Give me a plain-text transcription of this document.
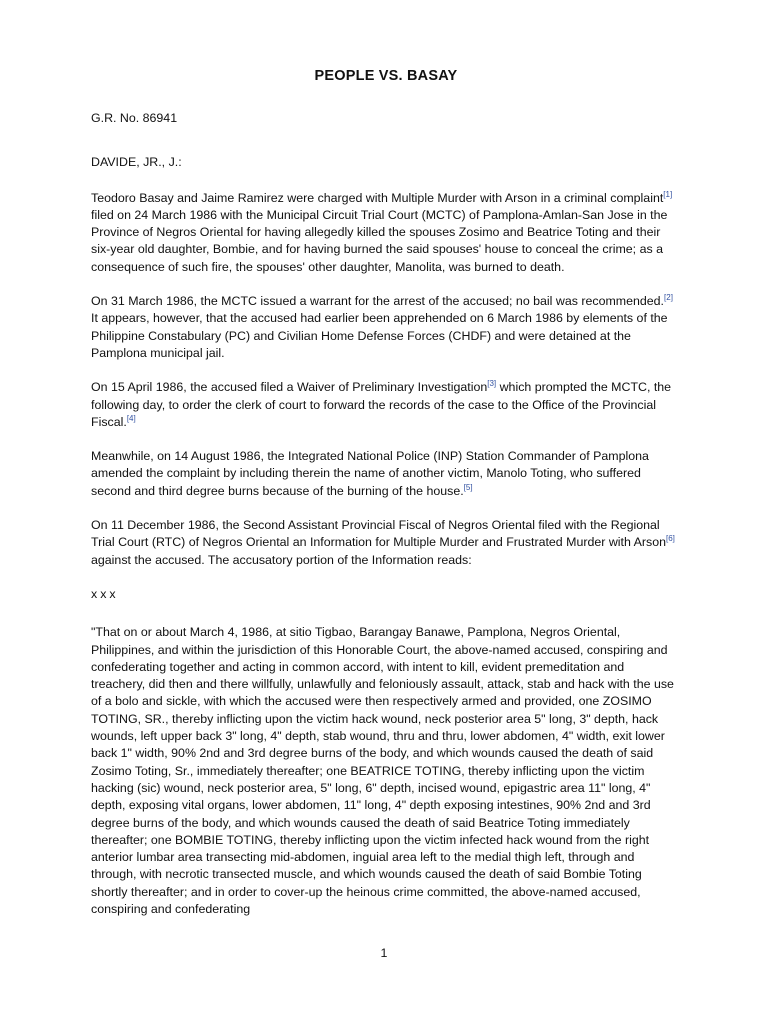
PEOPLE VS. BASAY

G.R. No. 86941

DAVIDE, JR., J.:

Teodoro Basay and Jaime Ramirez were charged with Multiple Murder with Arson in a criminal complaint[1] filed on 24 March 1986 with the Municipal Circuit Trial Court (MCTC) of Pamplona-Amlan-San Jose in the Province of Negros Oriental for having allegedly killed the spouses Zosimo and Beatrice Toting and their six-year old daughter, Bombie, and for having burned the said spouses' house to conceal the crime; as a consequence of such fire, the spouses' other daughter, Manolita, was burned to death.

On 31 March 1986, the MCTC issued a warrant for the arrest of the accused; no bail was recommended.[2] It appears, however, that the accused had earlier been apprehended on 6 March 1986 by elements of the Philippine Constabulary (PC) and Civilian Home Defense Forces (CHDF) and were detained at the Pamplona municipal jail.

On 15 April 1986, the accused filed a Waiver of Preliminary Investigation[3] which prompted the MCTC, the following day, to order the clerk of court to forward the records of the case to the Office of the Provincial Fiscal.[4]

Meanwhile, on 14 August 1986, the Integrated National Police (INP) Station Commander of Pamplona amended the complaint by including therein the name of another victim, Manolo Toting, who suffered second and third degree burns because of the burning of the house.[5]

On 11 December 1986, the Second Assistant Provincial Fiscal of Negros Oriental filed with the Regional Trial Court (RTC) of Negros Oriental an Information for Multiple Murder and Frustrated Murder with Arson[6] against the accused. The accusatory portion of the Information reads:

xxx

"That on or about March 4, 1986, at sitio Tigbao, Barangay Banawe, Pamplona, Negros Oriental, Philippines, and within the jurisdiction of this Honorable Court, the above-named accused, conspiring and confederating together and acting in common accord, with intent to kill, evident premeditation and treachery, did then and there willfully, unlawfully and feloniously assault, attack, stab and hack with the use of a bolo and sickle, with which the accused were then respectively armed and provided, one ZOSIMO TOTING, SR., thereby inflicting upon the victim hack wound, neck posterior area 5" long, 3" depth, hack wounds, left upper back 3" long, 4" depth, stab wound, thru and thru, lower abdomen, 4" width, exit lower back 1" width, 90% 2nd and 3rd degree burns of the body, and which wounds caused the death of said Zosimo Toting, Sr., immediately thereafter; one BEATRICE TOTING, thereby inflicting upon the victim hacking (sic) wound, neck posterior area, 5" long, 6" depth, incised wound, epigastric area 11" long, 4" depth, exposing vital organs, lower abdomen, 11" long, 4" depth exposing intestines, 90% 2nd and 3rd degree burns of the body, and which wounds caused the death of said Beatrice Toting immediately thereafter; one BOMBIE TOTING, thereby inflicting upon the victim infected hack wound from the right anterior lumbar area transecting mid-abdomen, inguial area left to the medial thigh left, through and through, with necrotic transected muscle, and which wounds caused the death of said Bombie Toting shortly thereafter; and in order to cover-up the heinous crime committed, the above-named accused, conspiring and confederating

1
